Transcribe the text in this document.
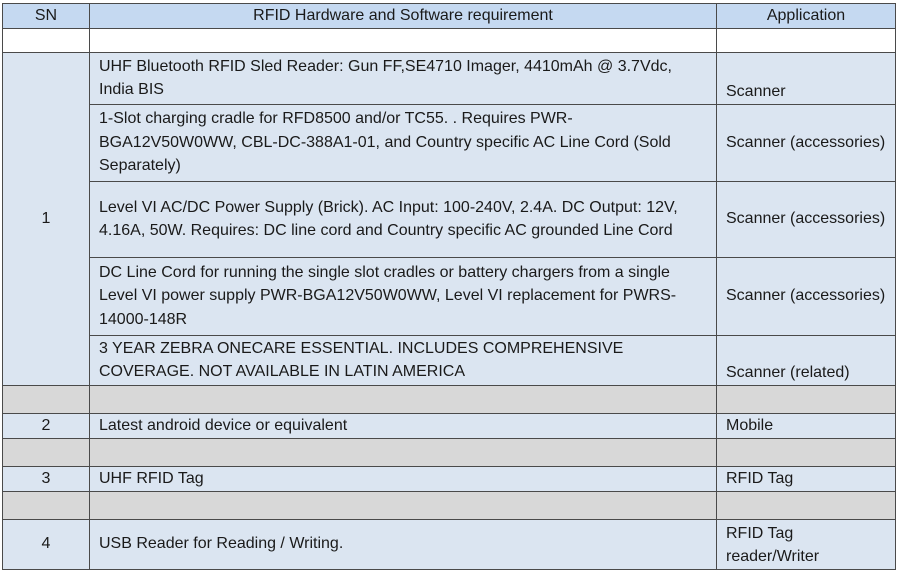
SN	RFID Hardware and Software requirement	Application

1	UHF Bluetooth RFID Sled Reader: Gun FF,SE4710 Imager, 4410mAh @ 3.7Vdc, India BIS	Scanner
	1-Slot charging cradle for RFD8500 and/or TC55. . Requires PWR-BGA12V50W0WW, CBL-DC-388A1-01, and Country specific AC Line Cord (Sold Separately)	Scanner (accessories)
	Level VI AC/DC Power Supply (Brick). AC Input: 100-240V, 2.4A. DC Output: 12V, 4.16A, 50W. Requires: DC line cord and Country specific AC grounded Line Cord	Scanner (accessories)
	DC Line Cord for running the single slot cradles or battery chargers from a single Level VI power supply PWR-BGA12V50W0WW, Level VI replacement for PWRS-14000-148R	Scanner (accessories)
	3 YEAR ZEBRA ONECARE ESSENTIAL. INCLUDES COMPREHENSIVE COVERAGE. NOT AVAILABLE IN LATIN AMERICA	Scanner (related)

2	Latest android device or equivalent	Mobile

3	UHF RFID Tag	RFID Tag

4	USB Reader for Reading / Writing.	RFID Tag reader/Writer
